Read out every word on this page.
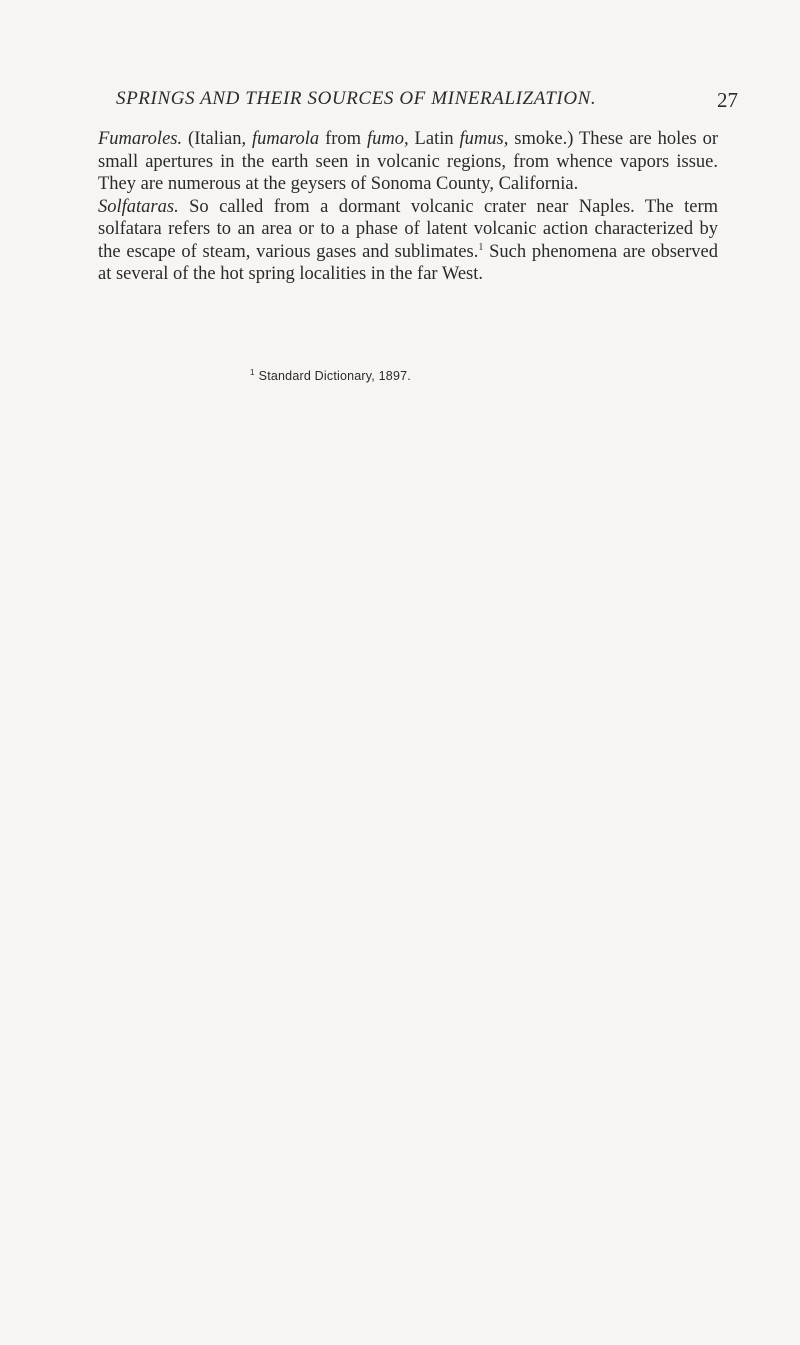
SPRINGS AND THEIR SOURCES OF MINERALIZATION.	27

Fumaroles. (Italian, fumarola from fumo, Latin fumus, smoke.) These are holes or small apertures in the earth seen in volcanic regions, from whence vapors issue. They are numerous at the geysers of Sonoma County, California.

Solfataras. So called from a dormant volcanic crater near Naples. The term solfatara refers to an area or to a phase of latent volcanic action characterized by the escape of steam, various gases and sublimates.$^1$ Such phenomena are observed at several of the hot spring localities in the far West.

$^1$ Standard Dictionary, 1897.
